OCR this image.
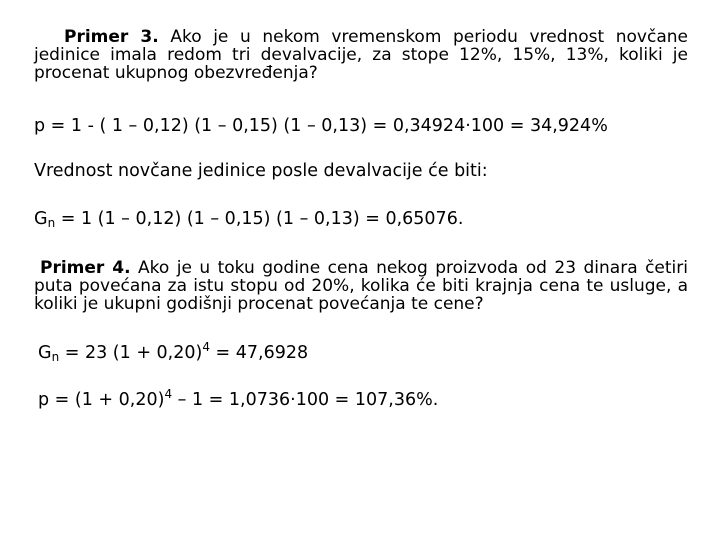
Primer 3. Ako je u nekom vremenskom periodu vrednost novčane jedinice imala redom tri devalvacije, za stope 12%, 15%, 13%, koliki je procenat ukupnog obezvređenja?

p = 1 - ( 1 – 0,12) (1 – 0,15) (1 – 0,13) = 0,34924·100 = 34,924%

Vrednost novčane jedinice posle devalvacije će biti:

$G_n = 1$ (1 – 0,12) (1 – 0,15) (1 – 0,13) = 0,65076.

Primer 4. Ako je u toku godine cena nekog proizvoda od 23 dinara četiri puta povećana za istu stopu od 20%, kolika će biti krajnja cena te usluge, a koliki je ukupni godišnji procenat povećanja te cene?

$G_n = 23$ $(1 + 0,20)^4 = 47,6928$

$p = (1 + 0,20)^4 - 1 = 1,0736\cdot 100 = 107,36\%$.
